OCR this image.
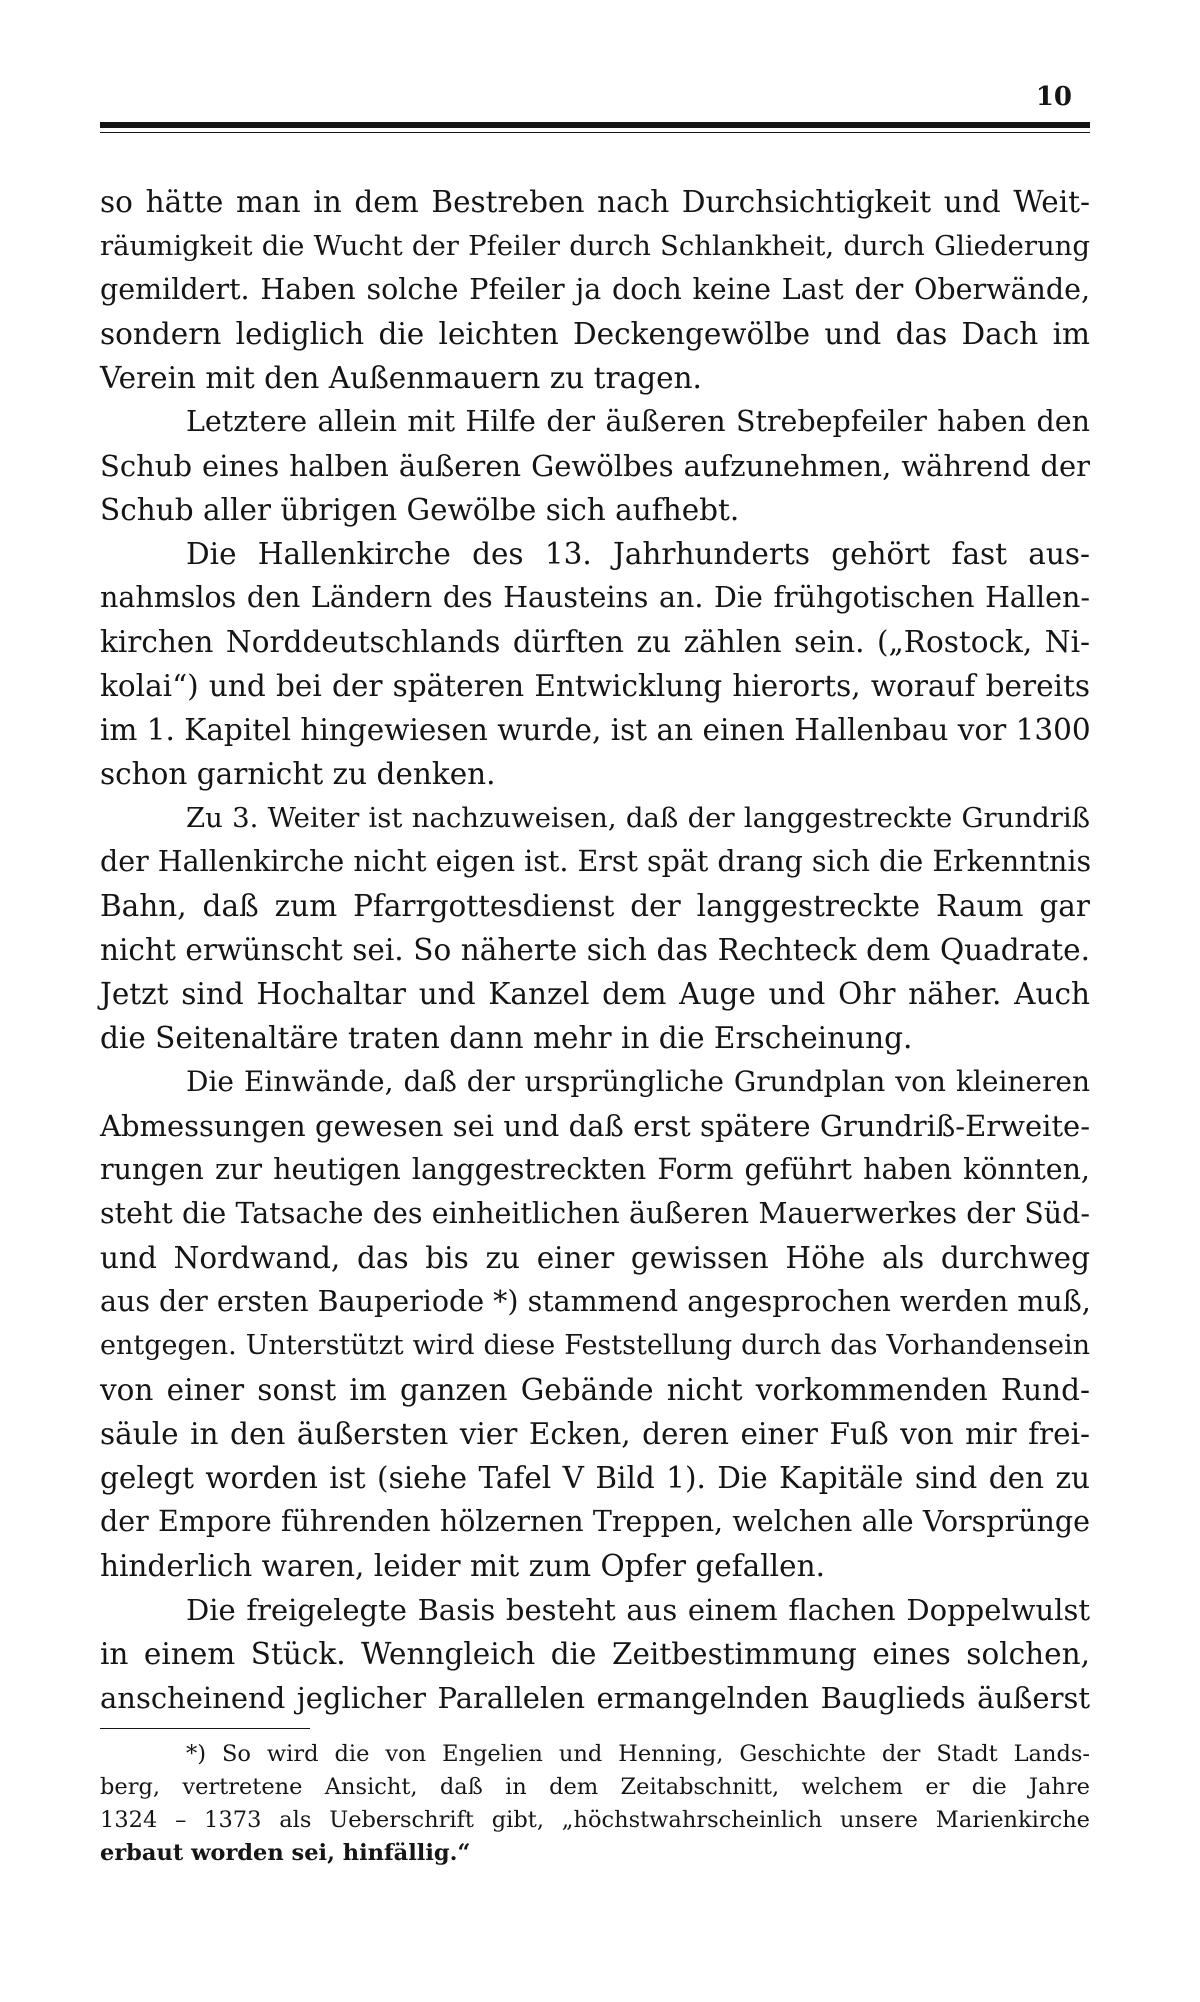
10
so hätte man in dem Bestreben nach Durchsichtigkeit und Weit-
räumigkeit die Wucht der Pfeiler durch Schlankheit, durch Gliederung
gemildert. Haben solche Pfeiler ja doch keine Last der Oberwände,
sondern lediglich die leichten Deckengewölbe und das Dach im
Verein mit den Außenmauern zu tragen.
Letztere allein mit Hilfe der äußeren Strebepfeiler haben den
Schub eines halben äußeren Gewölbes aufzunehmen, während der
Schub aller übrigen Gewölbe sich aufhebt.
Die Hallenkirche des 13. Jahrhunderts gehört fast aus-
nahmslos den Ländern des Hausteins an. Die frühgotischen Hallen-
kirchen Norddeutschlands dürften zu zählen sein. („Rostock, Ni-
kolai“) und bei der späteren Entwicklung hierorts, worauf bereits
im 1. Kapitel hingewiesen wurde, ist an einen Hallenbau vor 1300
schon garnicht zu denken.
Zu 3. Weiter ist nachzuweisen, daß der langgestreckte Grundriß
der Hallenkirche nicht eigen ist. Erst spät drang sich die Erkenntnis
Bahn, daß zum Pfarrgottesdienst der langgestreckte Raum gar
nicht erwünscht sei. So näherte sich das Rechteck dem Quadrate.
Jetzt sind Hochaltar und Kanzel dem Auge und Ohr näher. Auch
die Seitenaltäre traten dann mehr in die Erscheinung.
Die Einwände, daß der ursprüngliche Grundplan von kleineren
Abmessungen gewesen sei und daß erst spätere Grundriß-Erweite-
rungen zur heutigen langgestreckten Form geführt haben könnten,
steht die Tatsache des einheitlichen äußeren Mauerwerkes der Süd-
und Nordwand, das bis zu einer gewissen Höhe als durchweg
aus der ersten Bauperiode *) stammend angesprochen werden muß,
entgegen. Unterstützt wird diese Feststellung durch das Vorhandensein
von einer sonst im ganzen Gebände nicht vorkommenden Rund-
säule in den äußersten vier Ecken, deren einer Fuß von mir frei-
gelegt worden ist (siehe Tafel V Bild 1). Die Kapitäle sind den zu
der Empore führenden hölzernen Treppen, welchen alle Vorsprünge
hinderlich waren, leider mit zum Opfer gefallen.
Die freigelegte Basis besteht aus einem flachen Doppelwulst
in einem Stück. Wenngleich die Zeitbestimmung eines solchen,
anscheinend jeglicher Parallelen ermangelnden Bauglieds äußerst
*) So wird die von Engelien und Henning, Geschichte der Stadt Lands-
berg, vertretene Ansicht, daß in dem Zeitabschnitt, welchem er die Jahre
1324 – 1373 als Ueberschrift gibt, „höchstwahrscheinlich unsere Marienkirche
erbaut worden sei, hinfällig.“
